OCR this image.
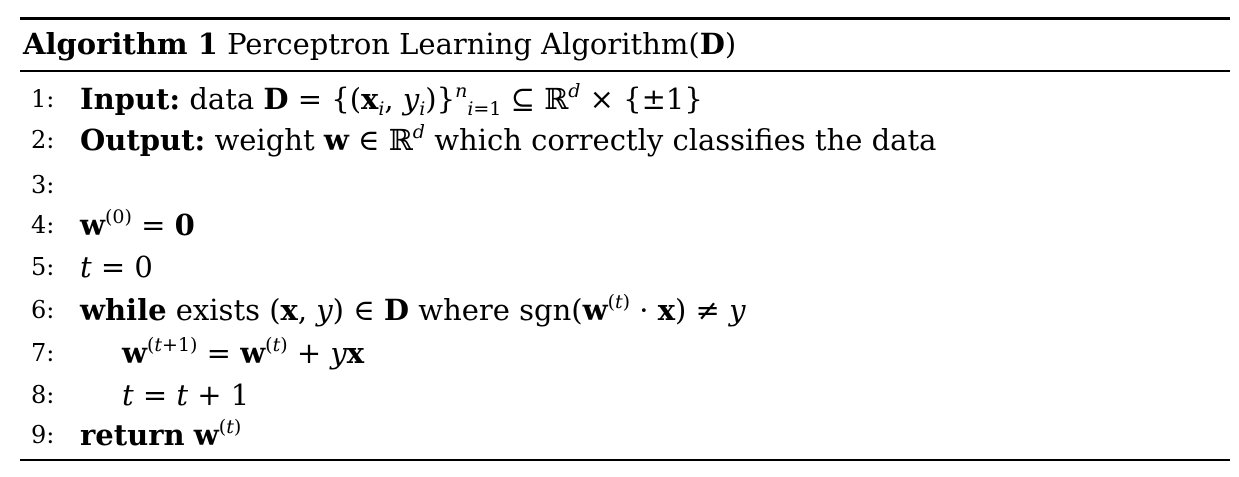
Algorithm 1 Perceptron Learning Algorithm(D)
1: Input: data $D = \{(x_i$, $y_i)\}^n_{i=1}$ ⊆ ℝ$^d$ × {±1}
2: Output: weight w ∈ ℝ$^d$ which correctly classifies the data
3:
4: $w^{(0)} = 0$
5: t = 0
6: while exists (x, y) ∈ D where $sgn(w^{(t)} \cdot x) \ne y$
7:	$w^{(t+1)} = w^{(t)}$ + yx
8:	t = t + 1
9: return $w^{(t)}$
